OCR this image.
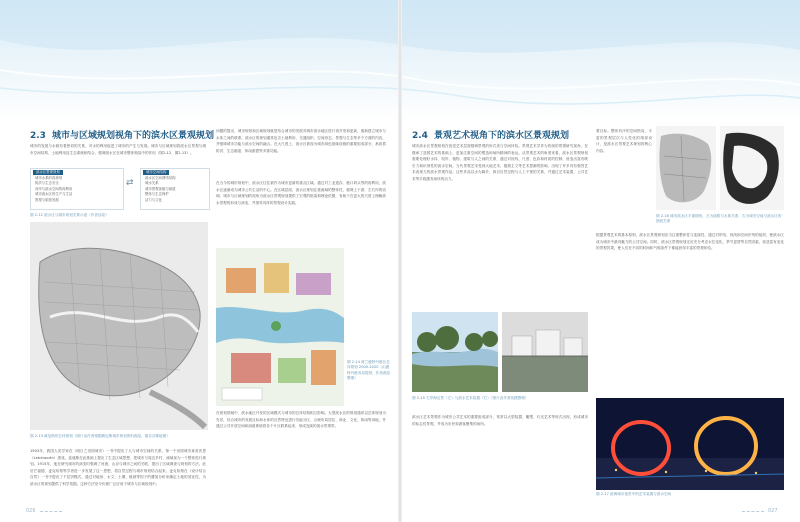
2.3 城市与区域规划视角下的滨水区景观规划
城市的发展与水源有着密切的关系，对水的利用促进了城市的产生与发展。城市与区域规划将滨水区景观与城市空间结构、土地利用及生态系统相结合，强调滨水区在城市整体格局中的作用（图2-12、图2-13）。
滨水区景观规划
城市水系的再规划
防洪与生态安全
河岸与滨水空间的再利用
城市滨水区的生产与生活
景观与旅游发展
⇄
城市空间结构
滨水区空间网络结构
城水关系
城市景观视廊与绿道
整体与生态保护
活力与文化
图 2-12 滨水区与城市规划关系示意（作者自绘）
图 2-13 威尼斯的总体规划（图片由作者根据威尼斯城市规划资料改绘，描自谷歌地图）
1903年，我国人类学家在（明日之田园城市）一书中提出了人与城市空间的关系。第一个田园城市莱奇沃思（Letchworth）建成。盖迪斯在此基础上提出了生态区域思想，把城市与周边乡村、流域视为一个整体进行规划。1915年，他在研究城市的演变时强调了河流、山谷与城市之间的关联，提出了区域调查与规划的方法。此后芒福德、麦克哈格等学者进一步发展了这一思想，将自然过程与城市规划结合起来。麦克哈格在《设计结合自然》一书中提出了千层饼模式，通过对地形、水文、土壤、植被等因子的叠加分析来确定土地的适宜性，为滨水区的规划提供了科学依据。这种方法至今仍被广泛应用于城市与区域规划中。
问题的提出，城市规划和区域规划就是结合城市的发展对城市滨水地区进行再开发和更新，重新建立城市与水体之间的联系。滨水区的规划通常包含土地利用、交通组织、空间形态、景观与生态等多个方面的内容，并强调城市功能与滨水空间的融合。在大尺度上，滨水区被视为城市绿色基础设施的重要组成部分，承担着防洪、生态廊道、休闲游憩等多重功能。
在当今的城市规划中，滨水区往往被作为城市更新的重点区域。通过对工业遗存、港口码头等的再利用，滨水区逐渐成为城市公共生活的中心。在区域层面，滨水区规划注重流域的整体性，强调上下游、左右岸的协调。城市与区域规划的视角为滨水区景观规划提供了宏观的框架和理论依据，有助于在更大的尺度上理解滨水景观的形成与演变，并指导具体的景观设计实践。
图 2-14 荷兰鹿特丹港区总体规划 2000-2020（由鹿特丹港务局提供，作者改绘整理）
在规划领域中，滨水地区开发的区域模式与城市的总体结构相互影响。大型滨水区的规划通常以总体规划为先导，结合城市的发展目标和水体的自然特征进行功能分区，合理布局居住、商业、文化、休闲等用地，并通过公共开放空间和绿道系统将各个片区联系起来，形成连续的滨水景观带。
026
2.4 景观艺术视角下的滨水区景观规划
城市滨水区景观规划在视觉艺术层面强调景观的形式美与空间体验。景观艺术学作为传统的景观研究视角，在继承了造园艺术的基础上，更加注重空间的塑造和场所精神的表达。从景观艺术的角度来看，滨水区景观规划需要处理好水体、驳岸、植物、建筑与人之间的关系，通过对视线、尺度、色彩和材质的控制，营造出富有吸引力和识别性的滨水空间。当代景观艺术受到大地艺术、极简主义等艺术思潮的影响，出现了许多具有强烈艺术表现力的滨水景观作品。这些作品以水为媒介，探讨自然过程与人工干预的关系，并通过艺术装置、公共艺术等手段激发场所的活力。
图 2-15 左岸海边景（左）与滨水艺术装置（右）（图片由作者拍摄整理）
滨水区艺术景观作为城市公共艺术的重要组成部分，常常以大型装置、雕塑、灯光艺术等形式出现，形成城市的标志性景观，并成为市民和游客聚集的场所。
要目标。整体有序的空间格局，丰富的景观层次与人性化的细部设计，是滨水区景观艺术规划的核心内容。
图 2-16 城市滨水区平面图形，左为道路与水系关系，右为城市空间与滨水区的图底关系
根据景观艺术的基本原则，滨水区景观规划应当注重整体性与连续性，通过对岸线、视线和空间序列的组织，使滨水区成为城市中最具魅力的公共空间。同时，滨水区景观规划还应充分考虑水位变化、季节更替等自然因素，营造富有变化的景观效果，使人们在不同的时间和气候条件下都能获得丰富的景观体验。
图 2-17 滨海城市夜景中的艺术装置与滨水空间
027
